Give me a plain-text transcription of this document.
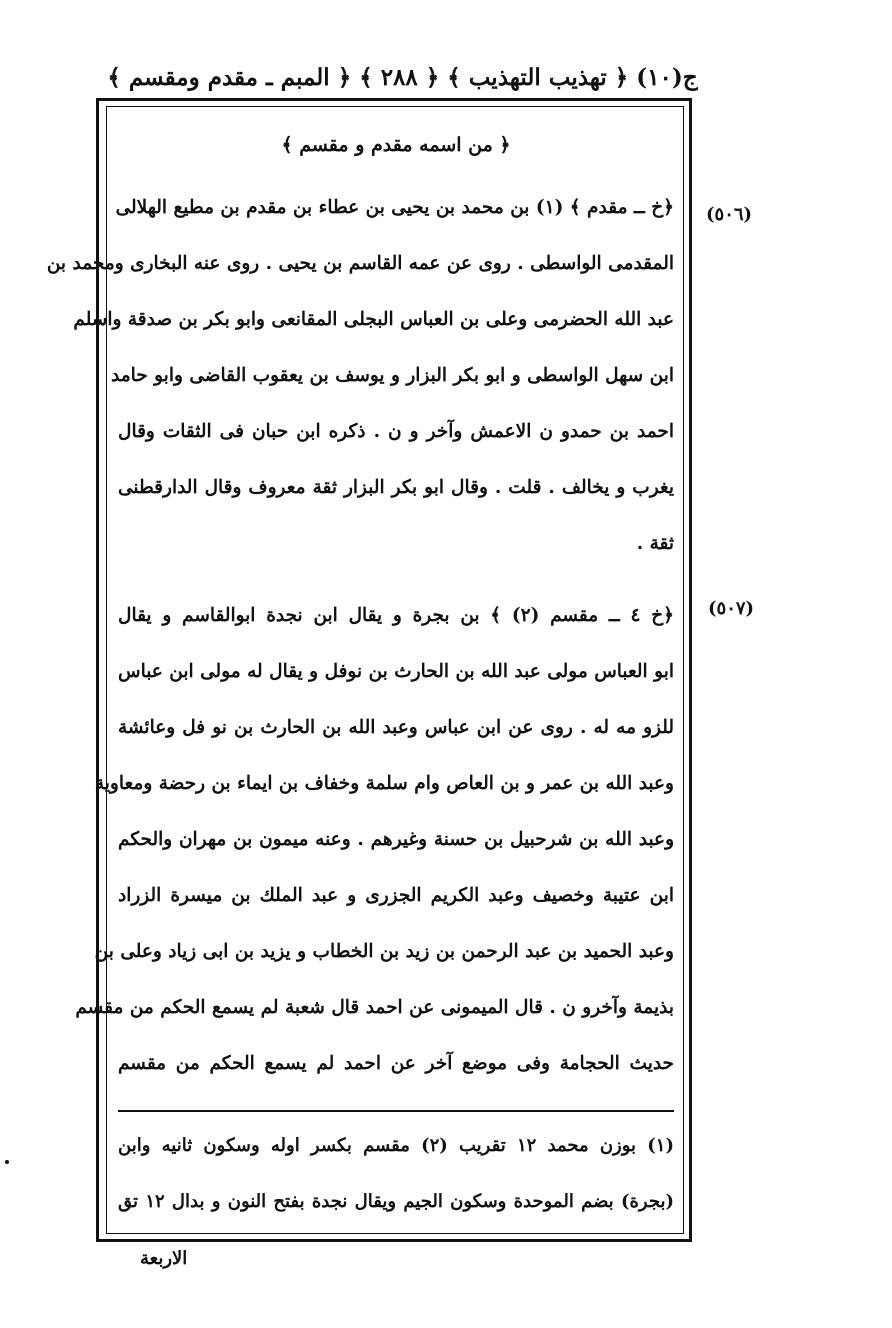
ج(١٠) ﴿ تهذيب التهذيب ﴾ ﴿ ٢٨٨ ﴾ ﴿ المبم ـ مقدم ومقسم ﴾
﴿ من اسمه مقدم و مقسم ﴾
(٥٠٦)
﴿خ ــ مقدم ﴾ (١) بن محمد بن يحيى بن عطاء بن مقدم بن مطيع الهلالى
المقدمى الواسطى . روى عن عمه القاسم بن يحيى . روى عنه البخارى ومحمد بن
عبد الله الحضرمى وعلى بن العباس البجلى المقانعى وابو بكر بن صدقة واسلم
ابن سهل الواسطى و ابو بكر البزار و يوسف بن يعقوب القاضى وابو حامد
احمد بن حمدو ن الاعمش وآخر و ن . ذكره ابن حبان فى الثقات وقال
يغرب و يخالف . قلت . وقال ابو بكر البزار ثقة معروف وقال الدارقطنى
ثقة .
(٥٠٧)
﴿خ ٤ ــ مقسم (٢) ﴾ بن بجرة و يقال ابن نجدة ابوالقاسم و يقال
ابو العباس مولى عبد الله بن الحارث بن نوفل و يقال له مولى ابن عباس
للزو مه له . روى عن ابن عباس وعبد الله بن الحارث بن نو فل وعائشة
وعبد الله بن عمر و بن العاص وام سلمة وخفاف بن ايماء بن رحضة ومعاوية
وعبد الله بن شرحبيل بن حسنة وغيرهم . وعنه ميمون بن مهران والحكم
ابن عتيبة وخصيف وعبد الكريم الجزرى و عبد الملك بن ميسرة الزراد
وعبد الحميد بن عبد الرحمن بن زيد بن الخطاب و يزيد بن ابى زياد وعلى بن
بذيمة وآخرو ن . قال الميمونى عن احمد قال شعبة لم يسمع الحكم من مقسم
حديث الحجامة وفى موضع آخر عن احمد لم يسمع الحكم من مقسم
(١) بوزن محمد ١٢ تقريب (٢) مقسم بكسر اوله وسكون ثانيه وابن
(بجرة) بضم الموحدة وسكون الجيم ويقال نجدة بفتح النون و بدال ١٢ تق
الاربعة
